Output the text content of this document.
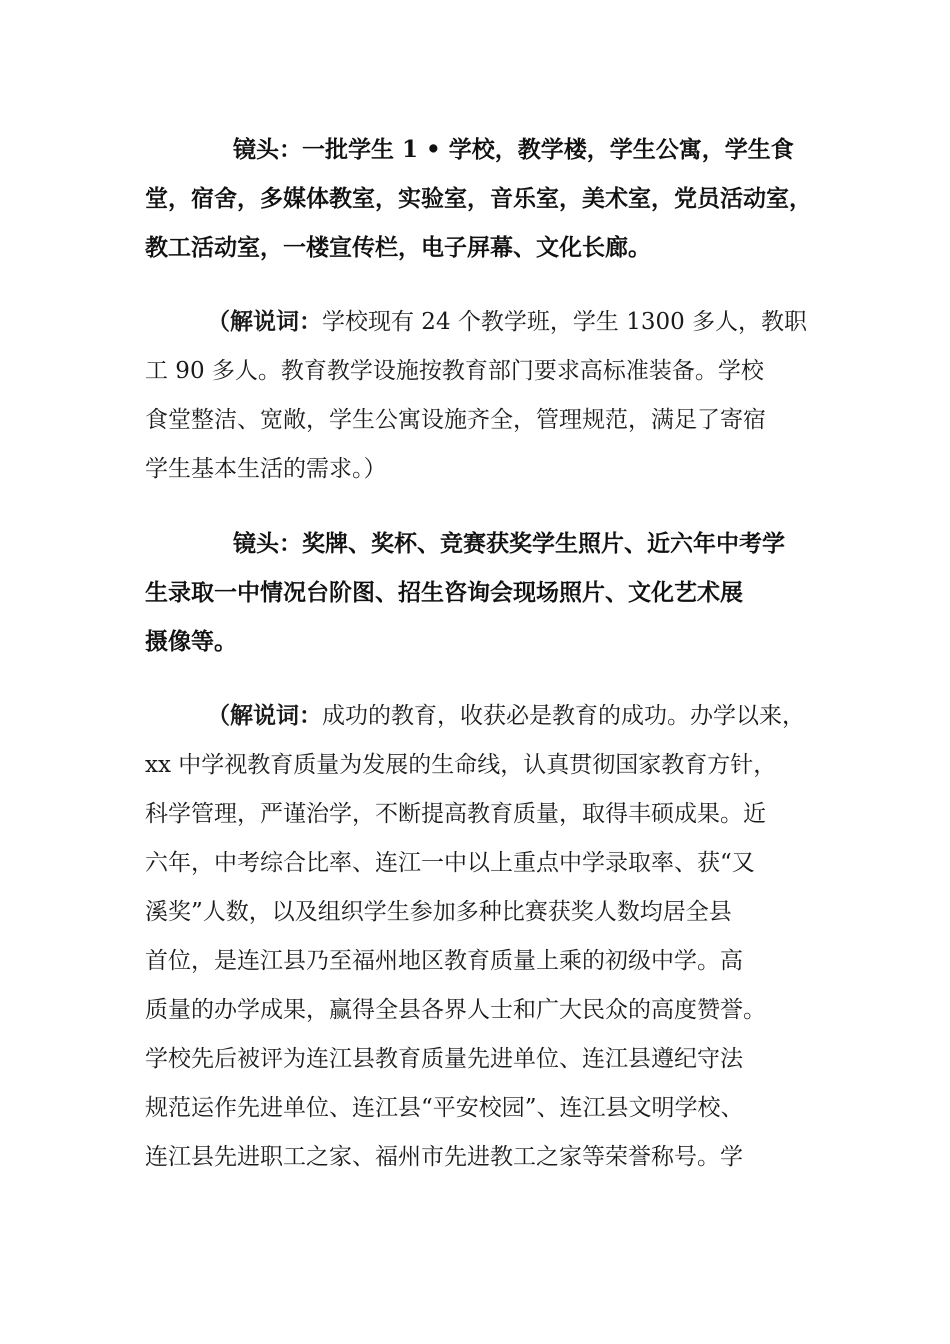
镜头：一批学生 1 • 学校，教学楼，学生公寓，学生食
堂，宿舍，多媒体教室，实验室，音乐室，美术室，党员活动室，
教工活动室，一楼宣传栏，电子屏幕、文化长廊。
（解说词：学校现有 24 个教学班，学生 1300 多人，教职
工 90 多人。教育教学设施按教育部门要求高标准装备。学校
食堂整洁、宽敞，学生公寓设施齐全，管理规范，满足了寄宿
学生基本生活的需求。）
镜头：奖牌、奖杯、竞赛获奖学生照片、近六年中考学
生录取一中情况台阶图、招生咨询会现场照片、文化艺术展
摄像等。
（解说词：成功的教育，收获必是教育的成功。办学以来，
xx 中学视教育质量为发展的生命线，认真贯彻国家教育方针，
科学管理，严谨治学，不断提高教育质量，取得丰硕成果。近
六年，中考综合比率、连江一中以上重点中学录取率、获“又
溪奖”人数，以及组织学生参加多种比赛获奖人数均居全县
首位，是连江县乃至福州地区教育质量上乘的初级中学。高
质量的办学成果，赢得全县各界人士和广大民众的高度赞誉。
学校先后被评为连江县教育质量先进单位、连江县遵纪守法
规范运作先进单位、连江县“平安校园”、连江县文明学校、
连江县先进职工之家、福州市先进教工之家等荣誉称号。学
